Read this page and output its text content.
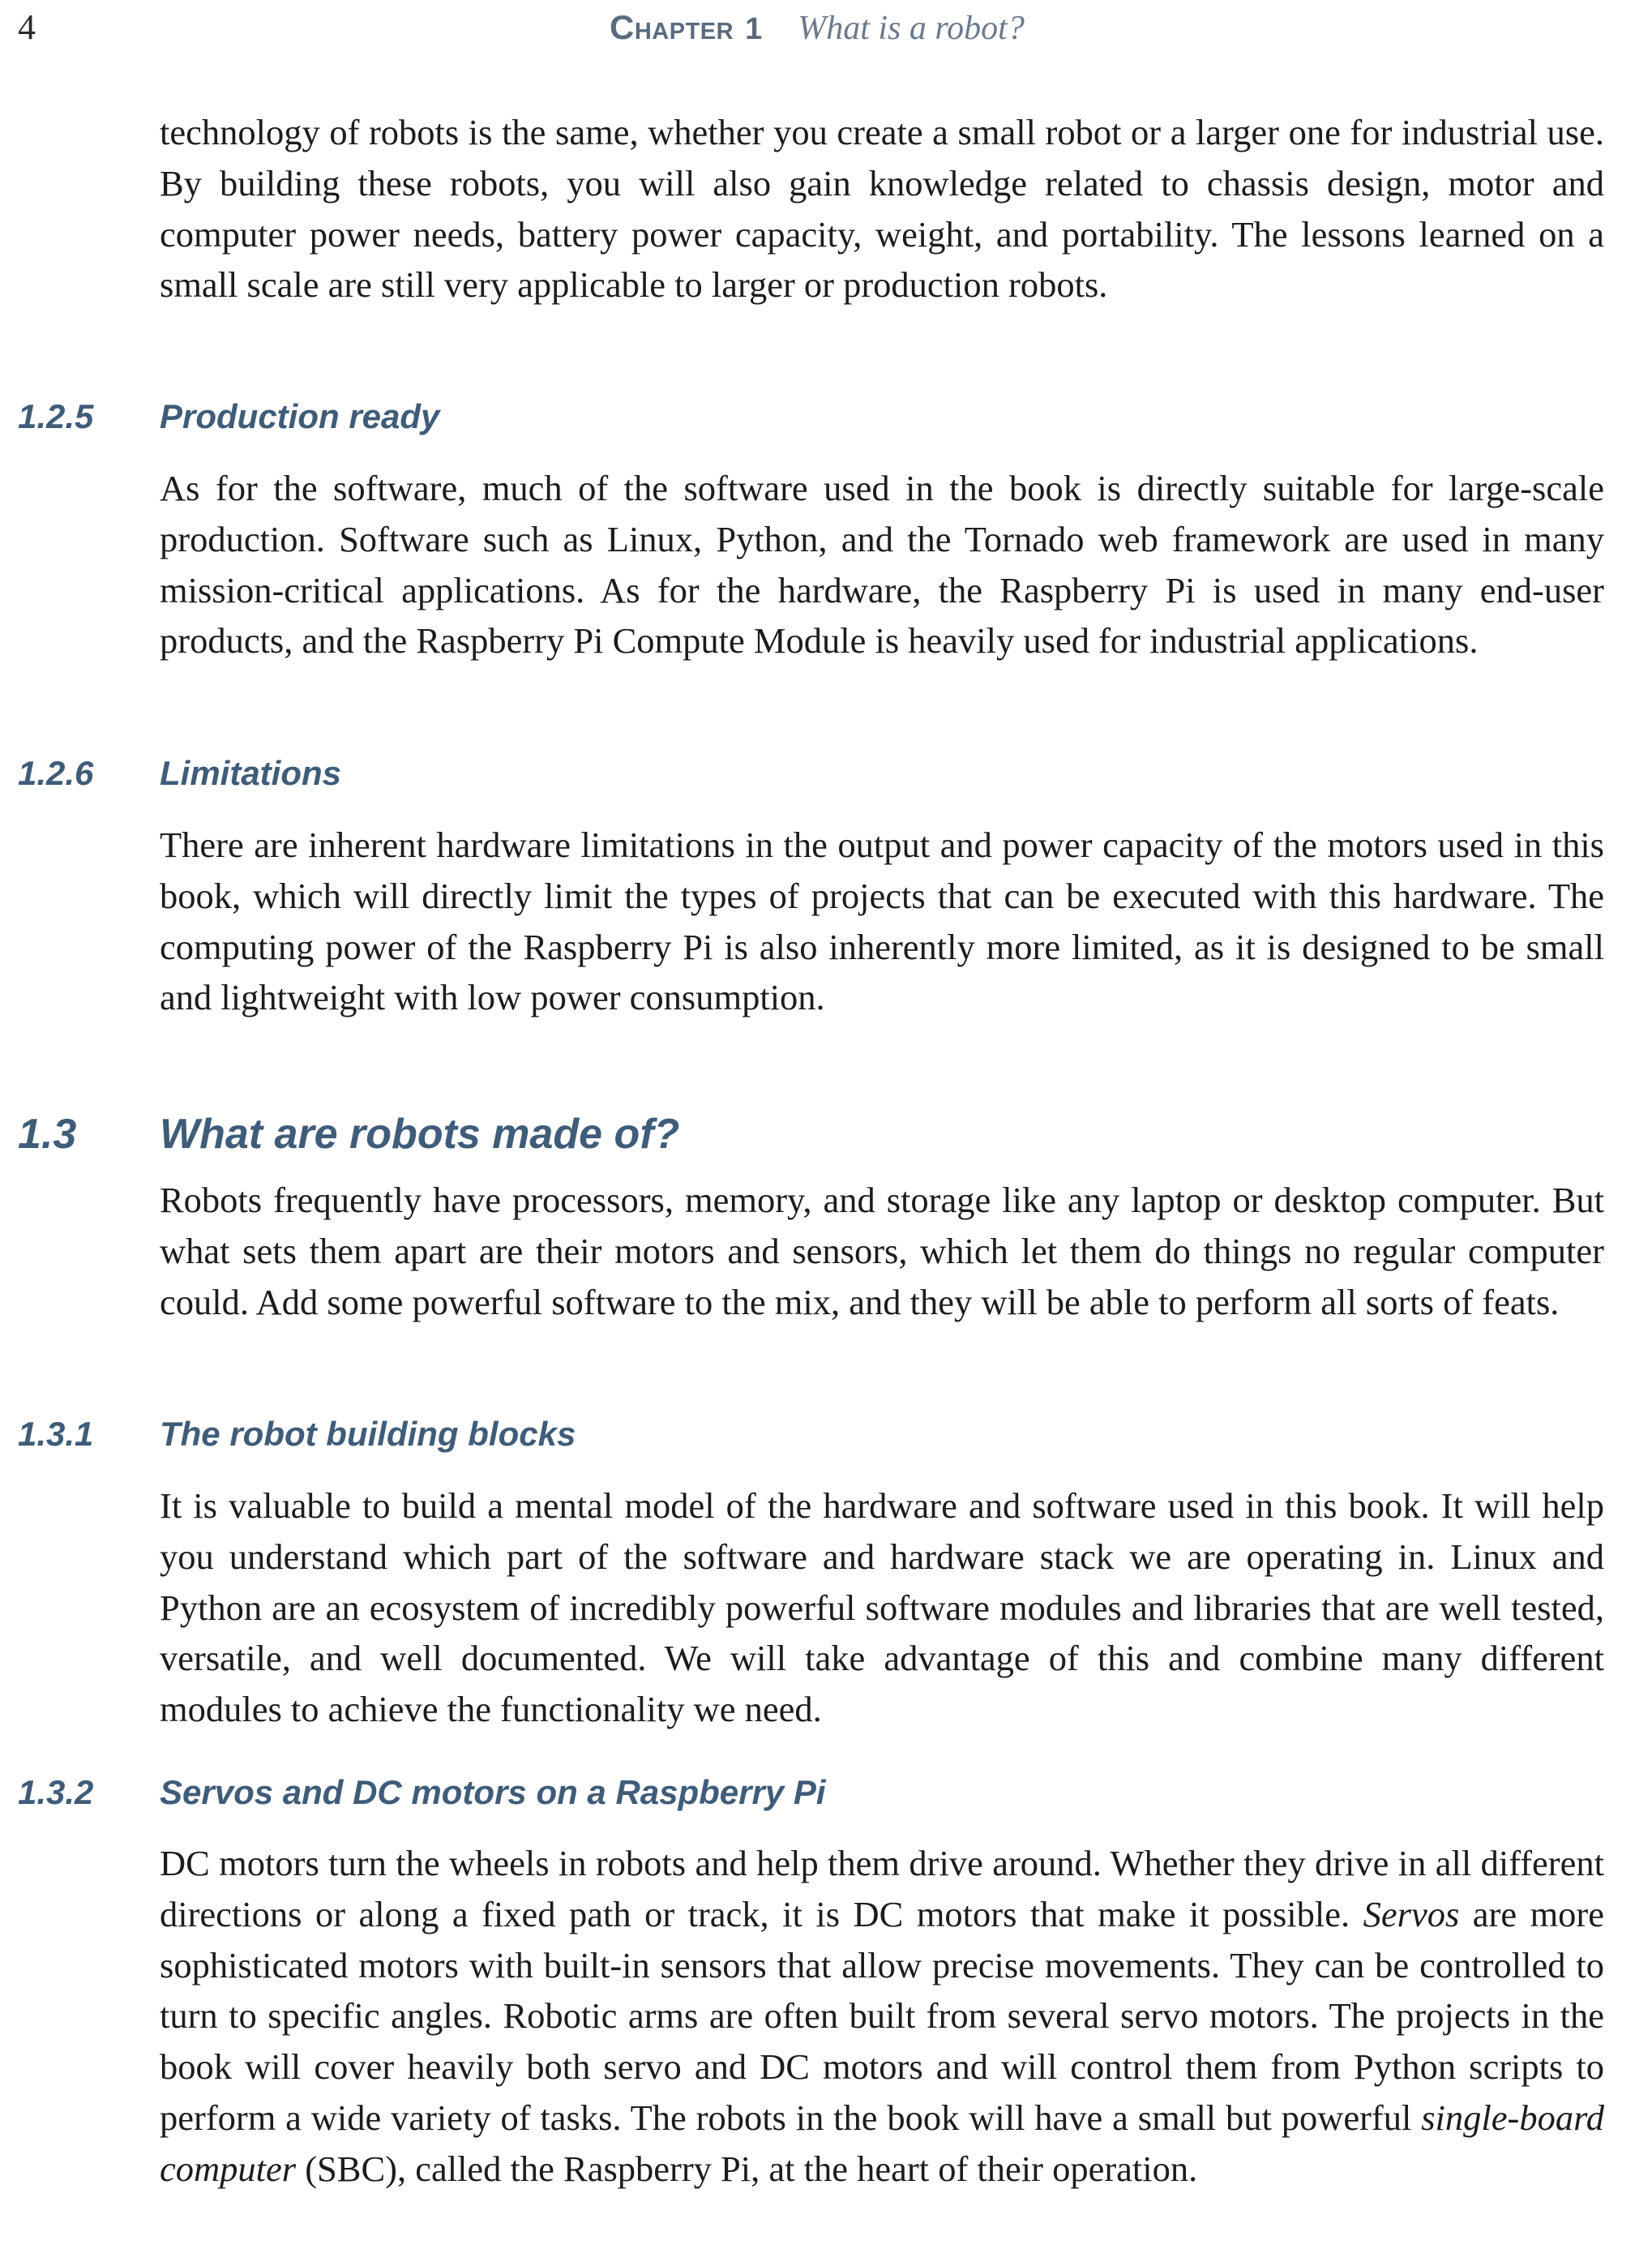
4	Chapter 1 What is a robot?

technology of robots is the same, whether you create a small robot or a larger one for industrial use. By building these robots, you will also gain knowledge related to chassis design, motor and computer power needs, battery power capacity, weight, and portability. The lessons learned on a small scale are still very applicable to larger or production robots.

1.2.5 Production ready

As for the software, much of the software used in the book is directly suitable for large-scale production. Software such as Linux, Python, and the Tornado web framework are used in many mission-critical applications. As for the hardware, the Raspberry Pi is used in many end-user products, and the Raspberry Pi Compute Module is heavily used for industrial applications.

1.2.6 Limitations

There are inherent hardware limitations in the output and power capacity of the motors used in this book, which will directly limit the types of projects that can be executed with this hardware. The computing power of the Raspberry Pi is also inherently more limited, as it is designed to be small and lightweight with low power consumption.

1.3 What are robots made of?

Robots frequently have processors, memory, and storage like any laptop or desktop computer. But what sets them apart are their motors and sensors, which let them do things no regular computer could. Add some powerful software to the mix, and they will be able to perform all sorts of feats.

1.3.1 The robot building blocks

It is valuable to build a mental model of the hardware and software used in this book. It will help you understand which part of the software and hardware stack we are operating in. Linux and Python are an ecosystem of incredibly powerful software modules and libraries that are well tested, versatile, and well documented. We will take advantage of this and combine many different modules to achieve the functionality we need.

1.3.2 Servos and DC motors on a Raspberry Pi

DC motors turn the wheels in robots and help them drive around. Whether they drive in all different directions or along a fixed path or track, it is DC motors that make it possible. Servos are more sophisticated motors with built-in sensors that allow precise movements. They can be controlled to turn to specific angles. Robotic arms are often built from several servo motors. The projects in the book will cover heavily both servo and DC motors and will control them from Python scripts to perform a wide variety of tasks. The robots in the book will have a small but powerful single-board computer (SBC), called the Raspberry Pi, at the heart of their operation.
